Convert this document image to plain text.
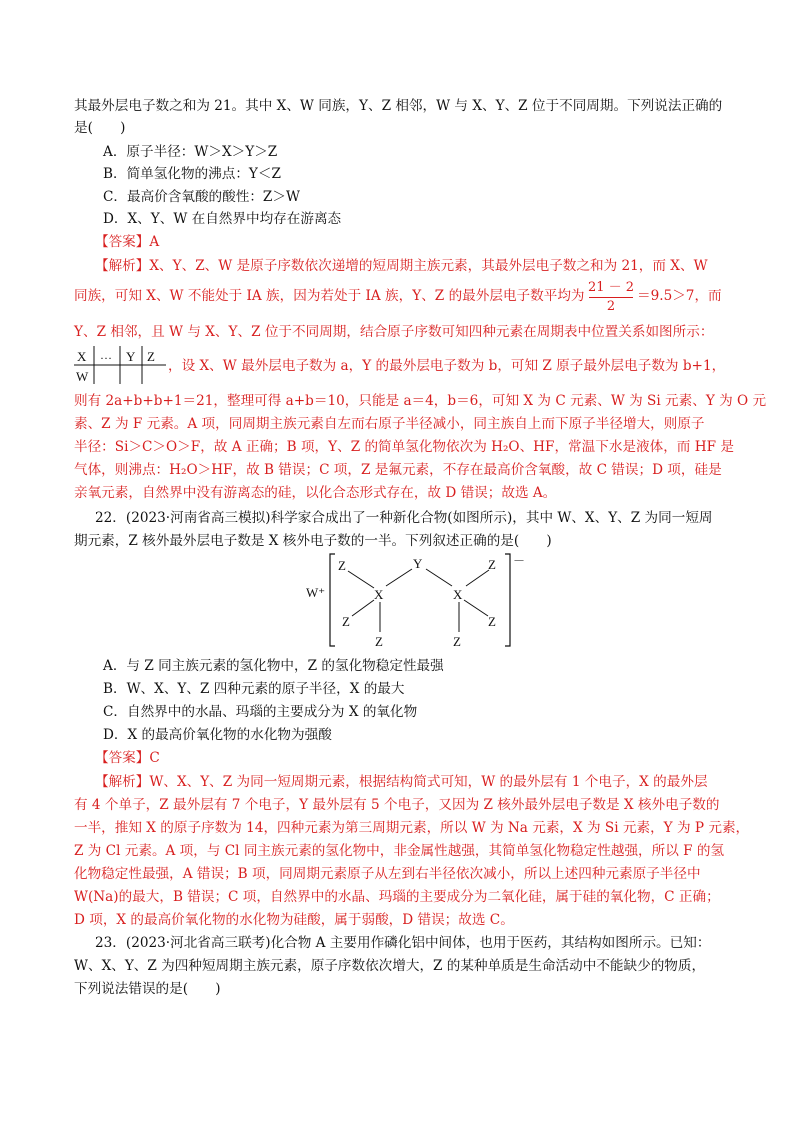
其最外层电子数之和为 21。其中 X、W 同族，Y、Z 相邻，W 与 X、Y、Z 位于不同周期。下列说法正确的
是(　　)
A．原子半径：W＞X＞Y＞Z
B．简单氢化物的沸点：Y＜Z
C．最高价含氧酸的酸性：Z＞W
D．X、Y、W 在自然界中均存在游离态
【答案】A
【解析】X、Y、Z、W 是原子序数依次递增的短周期主族元素，其最外层电子数之和为 21，而 X、W
同族，可知 X、W 不能处于 IA 族，因为若处于 IA 族，Y、Z 的最外层电子数平均为
21 － 2
2
＝9.5＞7，而
Y、Z 相邻，且 W 与 X、Y、Z 位于不同周期，结合原子序数可知四种元素在周期表中位置关系如图所示：
X … Y Z
W
，设 X、W 最外层电子数为 a，Y 的最外层电子数为 b，可知 Z 原子最外层电子数为 b+1，
则有 2a+b+b+1＝21，整理可得 a+b＝10，只能是 a＝4，b＝6，可知 X 为 C 元素、W 为 Si 元素、Y 为 O 元
素、Z 为 F 元素。A 项，同周期主族元素自左而右原子半径减小，同主族自上而下原子半径增大，则原子
半径：Si＞C＞O＞F，故 A 正确；B 项，Y、Z 的简单氢化物依次为 H₂O、HF，常温下水是液体，而 HF 是
气体，则沸点：H₂O＞HF，故 B 错误；C 项，Z 是氟元素，不存在最高价含氧酸，故 C 错误；D 项，硅是
亲氧元素，自然界中没有游离态的硅，以化合态形式存在，故 D 错误；故选 A。
22．(2023·河南省高三模拟)科学家合成出了一种新化合物(如图所示)，其中 W、X、Y、Z 为同一短周
期元素，Z 核外最外层电子数是 X 核外电子数的一半。下列叙述正确的是(　　)
W⁺
－
Z	Y	Z
X	X
Z	Z
Z	Z
A．与 Z 同主族元素的氢化物中，Z 的氢化物稳定性最强
B．W、X、Y、Z 四种元素的原子半径，X 的最大
C．自然界中的水晶、玛瑙的主要成分为 X 的氧化物
D．X 的最高价氧化物的水化物为强酸
【答案】C
【解析】W、X、Y、Z 为同一短周期元素，根据结构简式可知，W 的最外层有 1 个电子，X 的最外层
有 4 个单子，Z 最外层有 7 个电子，Y 最外层有 5 个电子，又因为 Z 核外最外层电子数是 X 核外电子数的
一半，推知 X 的原子序数为 14，四种元素为第三周期元素，所以 W 为 Na 元素，X 为 Si 元素，Y 为 P 元素，
Z 为 Cl 元素。A 项，与 Cl 同主族元素的氢化物中，非金属性越强，其简单氢化物稳定性越强，所以 F 的氢
化物稳定性最强，A 错误；B 项，同周期元素原子从左到右半径依次减小，所以上述四种元素原子半径中
W(Na)的最大，B 错误；C 项，自然界中的水晶、玛瑙的主要成分为二氧化硅，属于硅的氧化物，C 正确；
D 项，X 的最高价氧化物的水化物为硅酸，属于弱酸，D 错误；故选 C。
23．(2023·河北省高三联考)化合物 A 主要用作磷化铝中间体，也用于医药，其结构如图所示。已知：
W、X、Y、Z 为四种短周期主族元素，原子序数依次增大，Z 的某种单质是生命活动中不能缺少的物质，
下列说法错误的是(　　)
